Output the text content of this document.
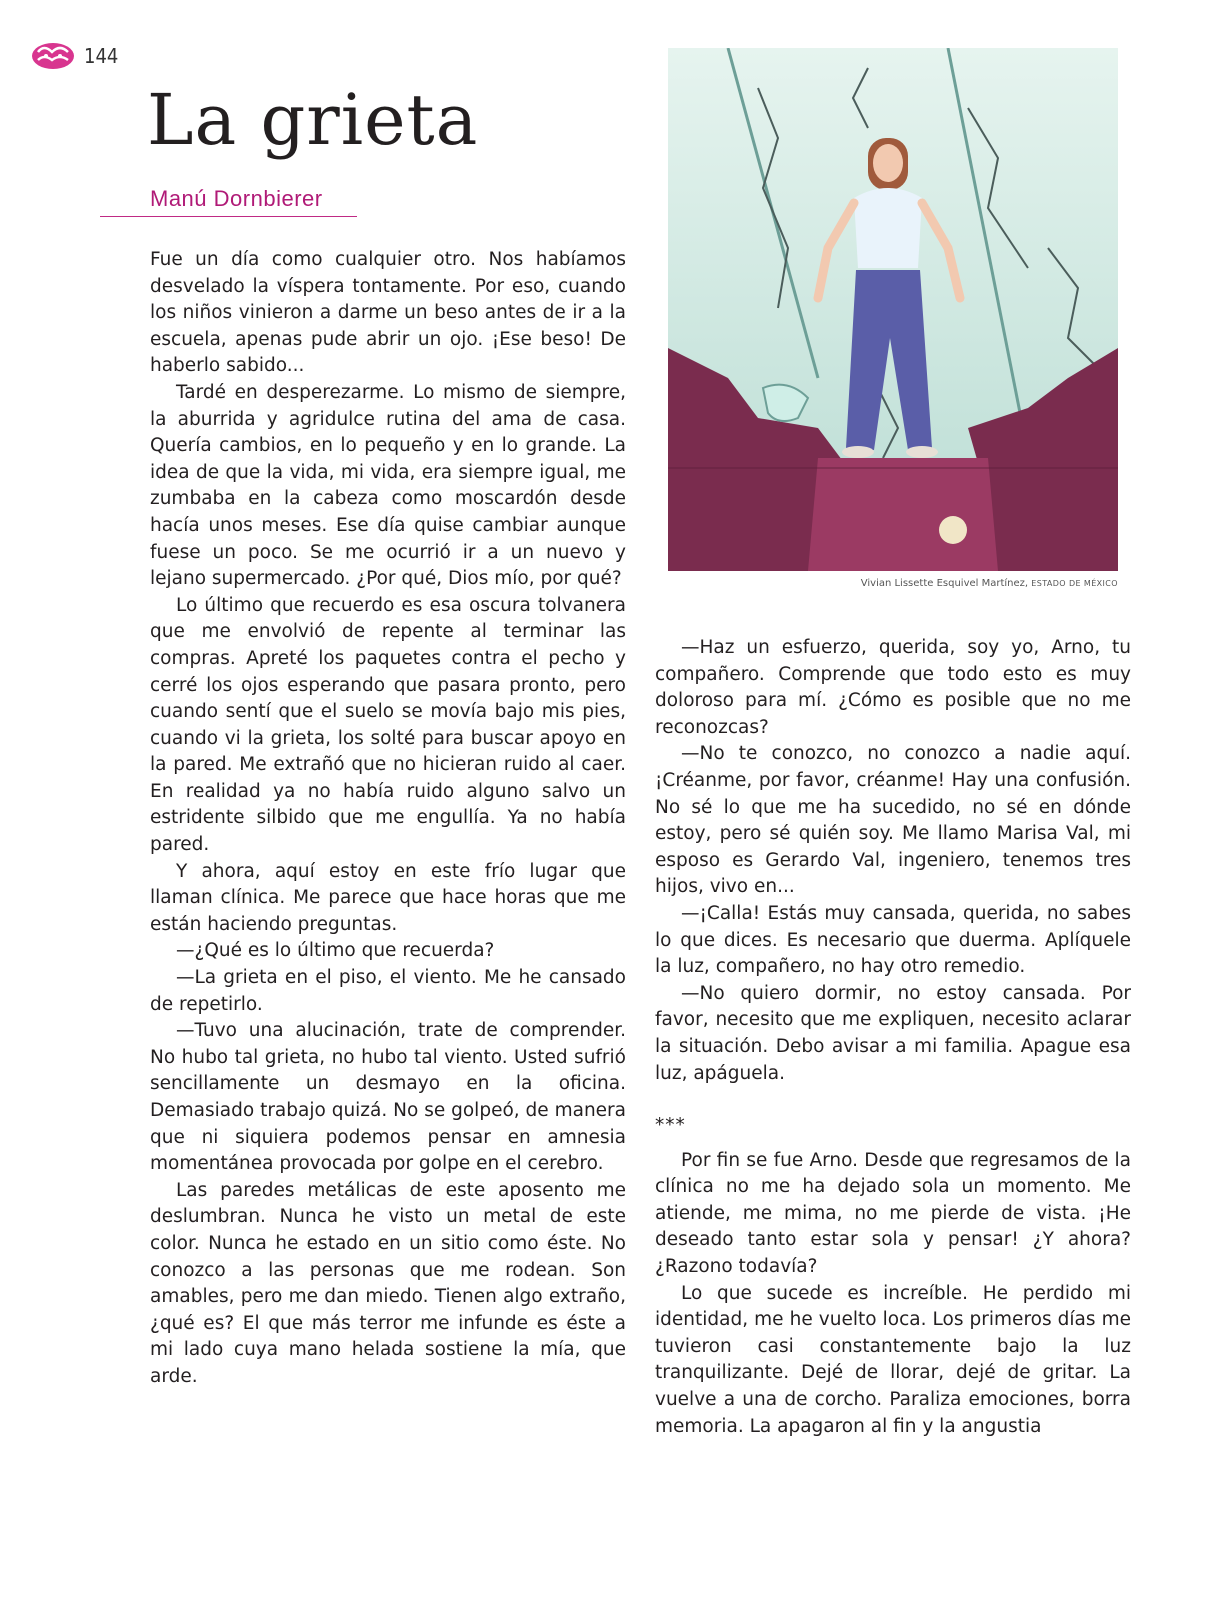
144
La grieta
Manú Dornbierer

Fue un día como cualquier otro. Nos habíamos desvelado la víspera tontamente. Por eso, cuando los niños vinieron a darme un beso antes de ir a la escuela, apenas pude abrir un ojo. ¡Ese beso! De haberlo sabido...

Tardé en desperezarme. Lo mismo de siempre, la aburrida y agridulce rutina del ama de casa. Quería cambios, en lo pequeño y en lo grande. La idea de que la vida, mi vida, era siempre igual, me zumbaba en la cabeza como moscardón desde hacía unos meses. Ese día quise cambiar aunque fuese un poco. Se me ocurrió ir a un nuevo y lejano supermercado. ¿Por qué, Dios mío, por qué?

Lo último que recuerdo es esa oscura tolvanera que me envolvió de repente al terminar las compras. Apreté los paquetes contra el pecho y cerré los ojos esperando que pasara pronto, pero cuando sentí que el suelo se movía bajo mis pies, cuando vi la grieta, los solté para buscar apoyo en la pared. Me extrañó que no hicieran ruido al caer. En realidad ya no había ruido alguno salvo un estridente silbido que me engullía. Ya no había pared.

Y ahora, aquí estoy en este frío lugar que llaman clínica. Me parece que hace horas que me están haciendo preguntas.

—¿Qué es lo último que recuerda?

—La grieta en el piso, el viento. Me he cansado de repetirlo.

—Tuvo una alucinación, trate de comprender. No hubo tal grieta, no hubo tal viento. Usted sufrió sencillamente un desmayo en la oficina. Demasiado trabajo quizá. No se golpeó, de manera que ni siquiera podemos pensar en amnesia momentánea provocada por golpe en el cerebro.

Las paredes metálicas de este aposento me deslumbran. Nunca he visto un metal de este color. Nunca he estado en un sitio como éste. No conozco a las personas que me rodean. Son amables, pero me dan miedo. Tienen algo extraño, ¿qué es? El que más terror me infunde es éste a mi lado cuya mano helada sostiene la mía, que arde.

Vivian Lissette Esquivel Martínez, ESTADO DE MÉXICO

—Haz un esfuerzo, querida, soy yo, Arno, tu compañero. Comprende que todo esto es muy doloroso para mí. ¿Cómo es posible que no me reconozcas?

—No te conozco, no conozco a nadie aquí. ¡Créanme, por favor, créanme! Hay una confusión. No sé lo que me ha sucedido, no sé en dónde estoy, pero sé quién soy. Me llamo Marisa Val, mi esposo es Gerardo Val, ingeniero, tenemos tres hijos, vivo en...

—¡Calla! Estás muy cansada, querida, no sabes lo que dices. Es necesario que duerma. Aplíquele la luz, compañero, no hay otro remedio.

—No quiero dormir, no estoy cansada. Por favor, necesito que me expliquen, necesito aclarar la situación. Debo avisar a mi familia. Apague esa luz, apáguela.

***

Por fin se fue Arno. Desde que regresamos de la clínica no me ha dejado sola un momento. Me atiende, me mima, no me pierde de vista. ¡He deseado tanto estar sola y pensar! ¿Y ahora? ¿Razono todavía?

Lo que sucede es increíble. He perdido mi identidad, me he vuelto loca. Los primeros días me tuvieron casi constantemente bajo la luz tranquilizante. Dejé de llorar, dejé de gritar. La vuelve a una de corcho. Paraliza emociones, borra memoria. La apagaron al fin y la angustia
